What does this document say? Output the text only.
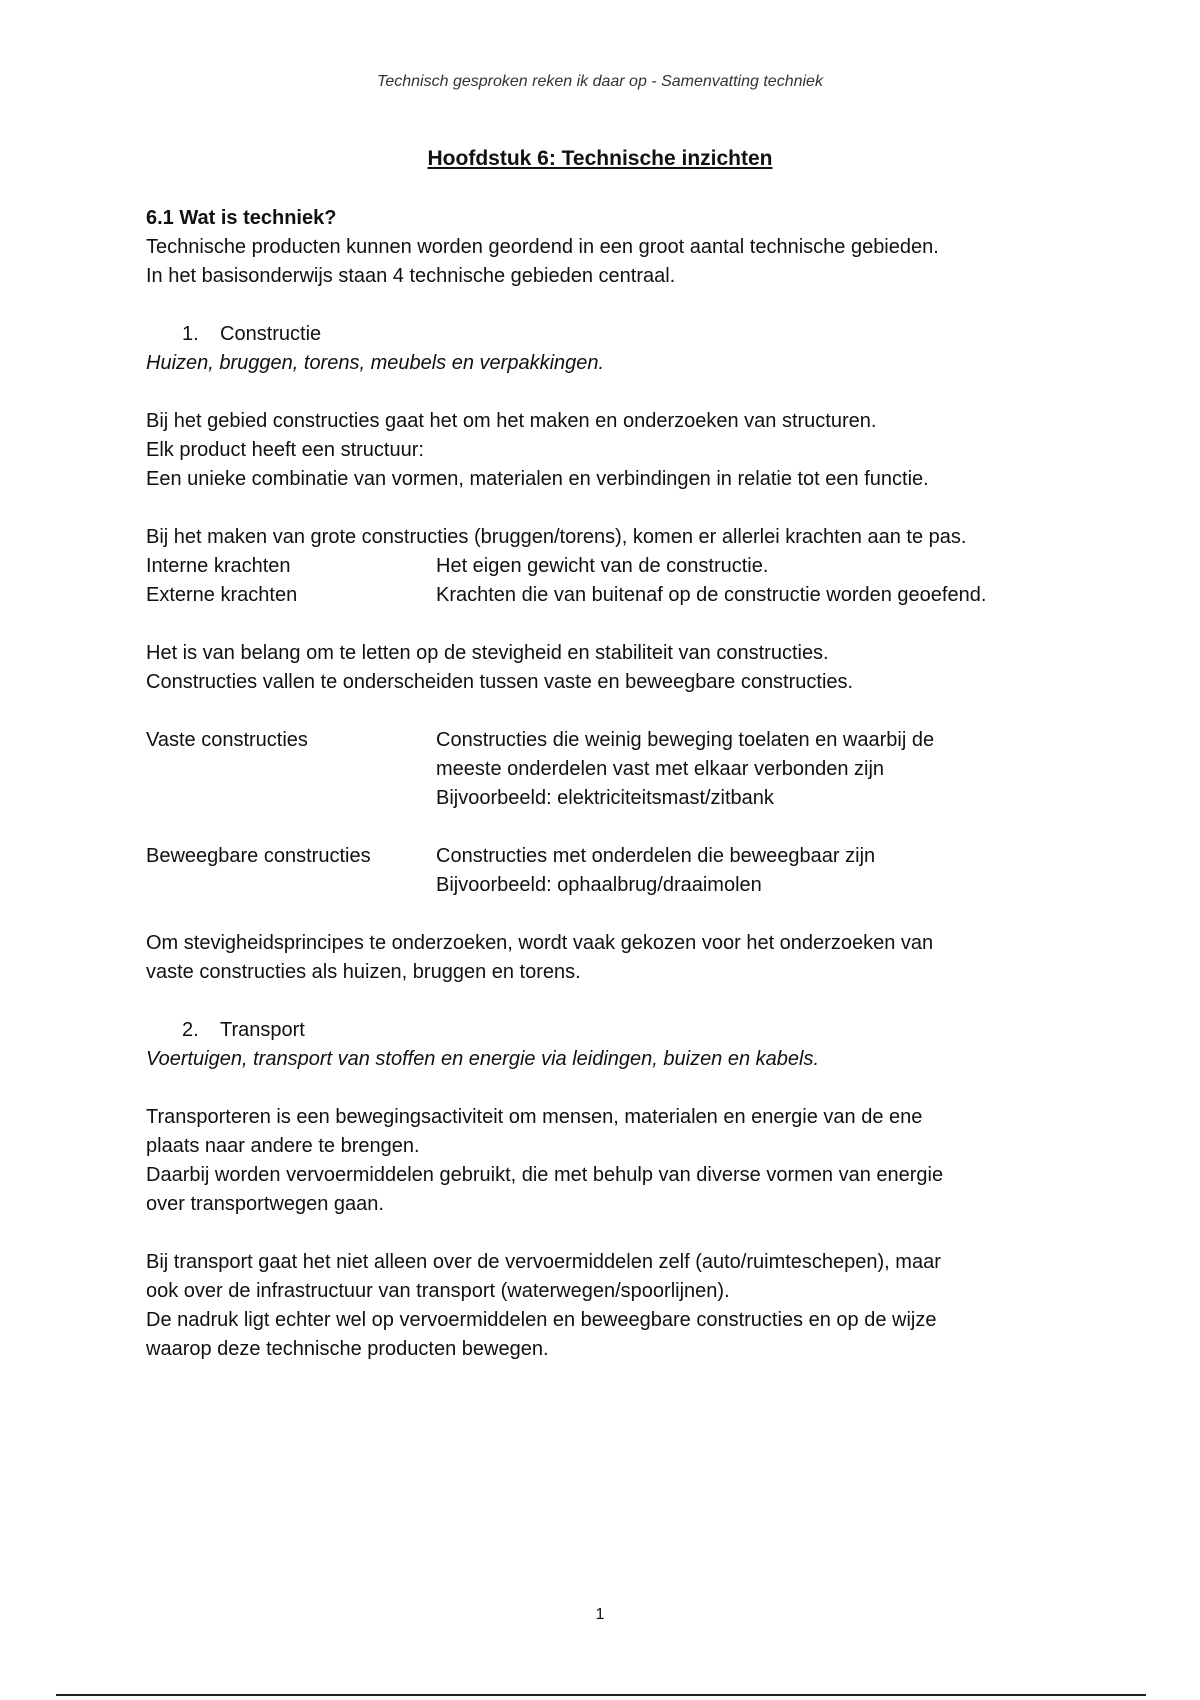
Technisch gesproken reken ik daar op - Samenvatting techniek
Hoofdstuk 6: Technische inzichten

6.1 Wat is techniek?

Technische producten kunnen worden geordend in een groot aantal technische gebieden.

In het basisonderwijs staan 4 technische gebieden centraal.

1.	Constructie

Huizen, bruggen, torens, meubels en verpakkingen.

Bij het gebied constructies gaat het om het maken en onderzoeken van structuren.

Elk product heeft een structuur:

Een unieke combinatie van vormen, materialen en verbindingen in relatie tot een functie.

Bij het maken van grote constructies (bruggen/torens), komen er allerlei krachten aan te pas.

Interne krachten	Het eigen gewicht van de constructie.
Externe krachten	Krachten die van buitenaf op de constructie worden geoefend.

Het is van belang om te letten op de stevigheid en stabiliteit van constructies.

Constructies vallen te onderscheiden tussen vaste en beweegbare constructies.

Vaste constructies	Constructies die weinig beweging toelaten en waarbij de

meeste onderdelen vast met elkaar verbonden zijn

Bijvoorbeeld: elektriciteitsmast/zitbank

Beweegbare constructies	Constructies met onderdelen die beweegbaar zijn

Bijvoorbeeld: ophaalbrug/draaimolen

Om stevigheidsprincipes te onderzoeken, wordt vaak gekozen voor het onderzoeken van

vaste constructies als huizen, bruggen en torens.

2.	Transport

Voertuigen, transport van stoffen en energie via leidingen, buizen en kabels.

Transporteren is een bewegingsactiviteit om mensen, materialen en energie van de ene

plaats naar andere te brengen.

Daarbij worden vervoermiddelen gebruikt, die met behulp van diverse vormen van energie

over transportwegen gaan.

Bij transport gaat het niet alleen over de vervoermiddelen zelf (auto/ruimteschepen), maar

ook over de infrastructuur van transport (waterwegen/spoorlijnen).

De nadruk ligt echter wel op vervoermiddelen en beweegbare constructies en op de wijze

waarop deze technische producten bewegen.

1
